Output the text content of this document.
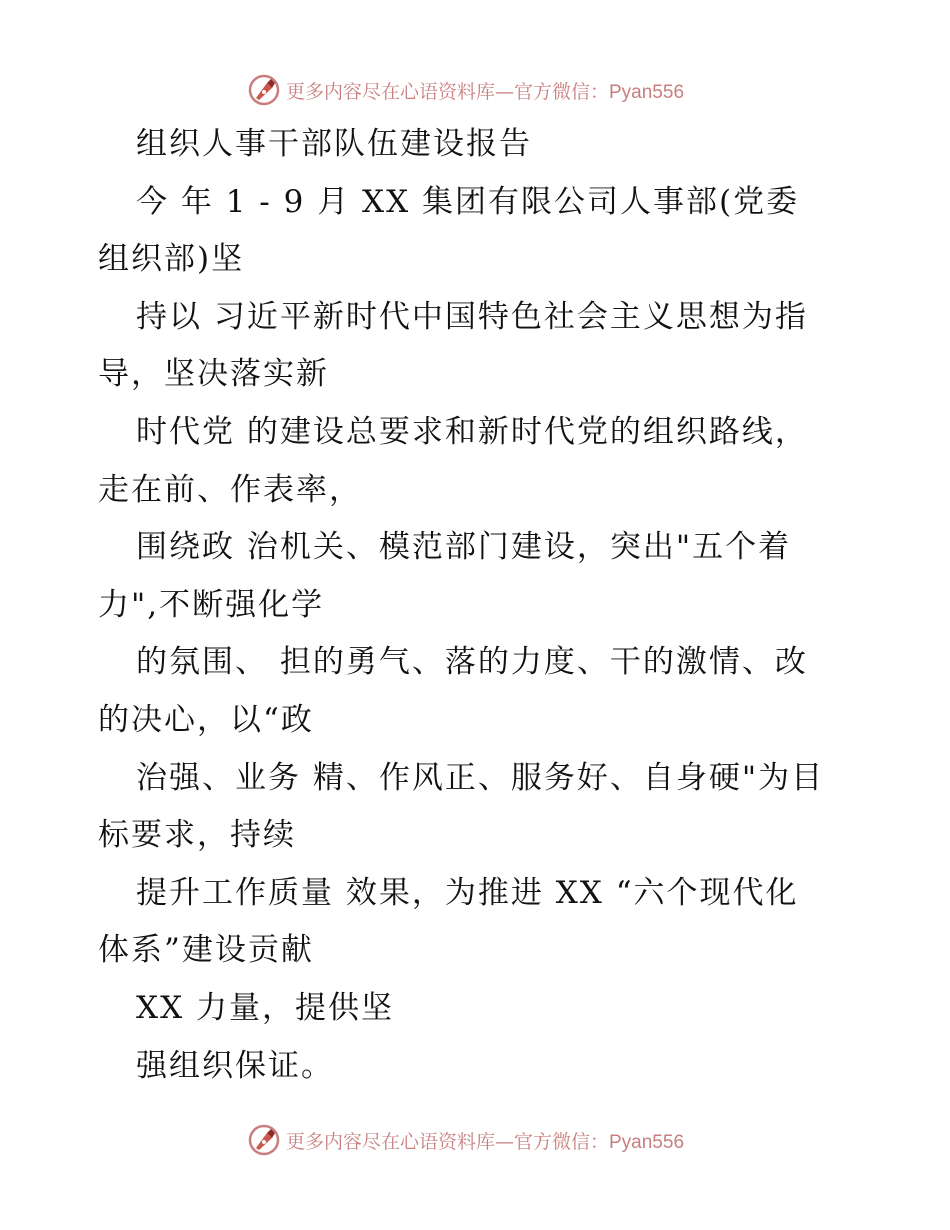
更多内容尽在心语资料库—官方微信：Pyan556
组织人事干部队伍建设报告
今 年 1 - 9 月 XX 集团有限公司人事部(党委
组织部)坚
持以 习近平新时代中国特色社会主义思想为指
导，坚决落实新
时代党 的建设总要求和新时代党的组织路线，
走在前、作表率，
围绕政 治机关、模范部门建设，突出"五个着
力",不断强化学
的氛围、 担的勇气、落的力度、干的激情、改
的决心，以“政
治强、业务 精、作风正、服务好、自身硬"为目
标要求，持续
提升工作质量 效果，为推进 XX “六个现代化
体系”建设贡献
XX 力量，提供坚
强组织保证。
更多内容尽在心语资料库—官方微信：Pyan556
